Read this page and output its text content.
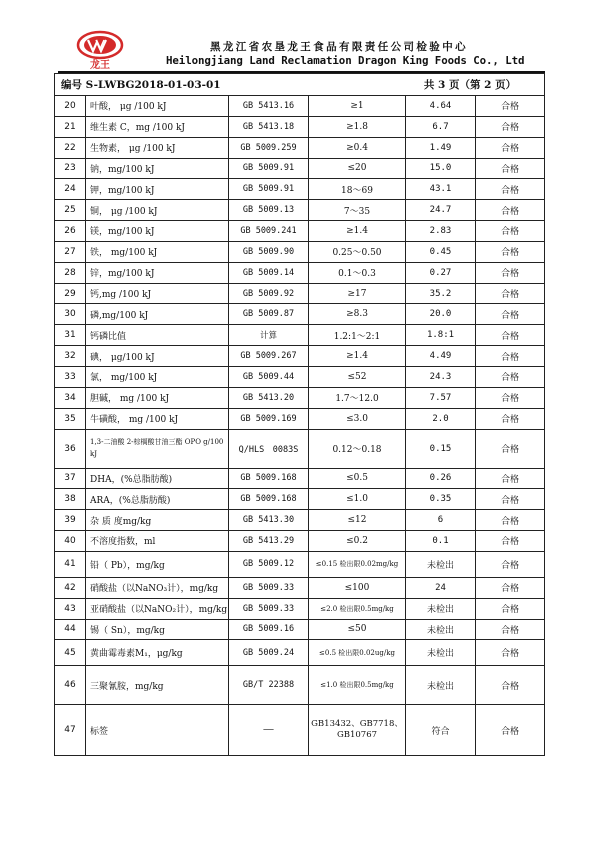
龙王
黑龙江省农垦龙王食品有限责任公司检验中心
Heilongjiang Land Reclamation Dragon King Foods Co., Ltd
编号 S-LWBG2018-01-03-01 共 3 页（第 2 页）					

20	叶酸， μg /100 kJ	GB 5413.16	≥1	4.64	合格
21	维生素 C，mg /100 kJ	GB 5413.18	≥1.8	6.7	合格
22	生物素， μg /100 kJ	GB 5009.259	≥0.4	1.49	合格
23	钠，mg/100 kJ	GB 5009.91	≤20	15.0	合格
24	钾，mg/100 kJ	GB 5009.91	18～69	43.1	合格
25	铜， μg /100 kJ	GB 5009.13	7～35	24.7	合格
26	镁，mg/100 kJ	GB 5009.241	≥1.4	2.83	合格
27	铁， mg/100 kJ	GB 5009.90	0.25～0.50	0.45	合格
28	锌，mg/100 kJ	GB 5009.14	0.1～0.3	0.27	合格
29	钙,mg /100 kJ	GB 5009.92	≥17	35.2	合格
30	磷,mg/100 kJ	GB 5009.87	≥8.3	20.0	合格
31	钙磷比值	计算	1.2:1～2:1	1.8:1	合格
32	碘， μg/100 kJ	GB 5009.267	≥1.4	4.49	合格
33	氯， mg/100 kJ	GB 5009.44	≤52	24.3	合格
34	胆碱， mg /100 kJ	GB 5413.20	1.7～12.0	7.57	合格
35	牛磺酸， mg /100 kJ	GB 5009.169	≤3.0	2.0	合格
36	1,3-二油酸 2-棕榈酸甘油三酯 OPO g/100 kJ	Q/HLS　0083S	0.12～0.18	0.15	合格
37	DHA，(%总脂肪酸)	GB 5009.168	≤0.5	0.26	合格
38	ARA，(%总脂肪酸)	GB 5009.168	≤1.0	0.35	合格
39	杂 质 度mg/kg	GB 5413.30	≤12	6	合格
40	不溶度指数，ml	GB 5413.29	≤0.2	0.1	合格
41	铅（ Pb），mg/kg	GB 5009.12	≤0.15 检出限0.02mg/kg	未检出	合格
42	硝酸盐（以NaNO₃计），mg/kg	GB 5009.33	≤100	24	合格
43	亚硝酸盐（以NaNO₂计），mg/kg	GB 5009.33	≤2.0 检出限0.5mg/kg	未检出	合格
44	锡（ Sn），mg/kg	GB 5009.16	≤50	未检出	合格
45	黄曲霉毒素M₁，μg/kg	GB 5009.24	≤0.5 检出限0.02ug/kg	未检出	合格
46	三聚氰胺，mg/kg	GB/T 22388	≤1.0 检出限0.5mg/kg	未检出	合格
47	标签	——	GB13432、GB7718、GB10767	符合	合格
